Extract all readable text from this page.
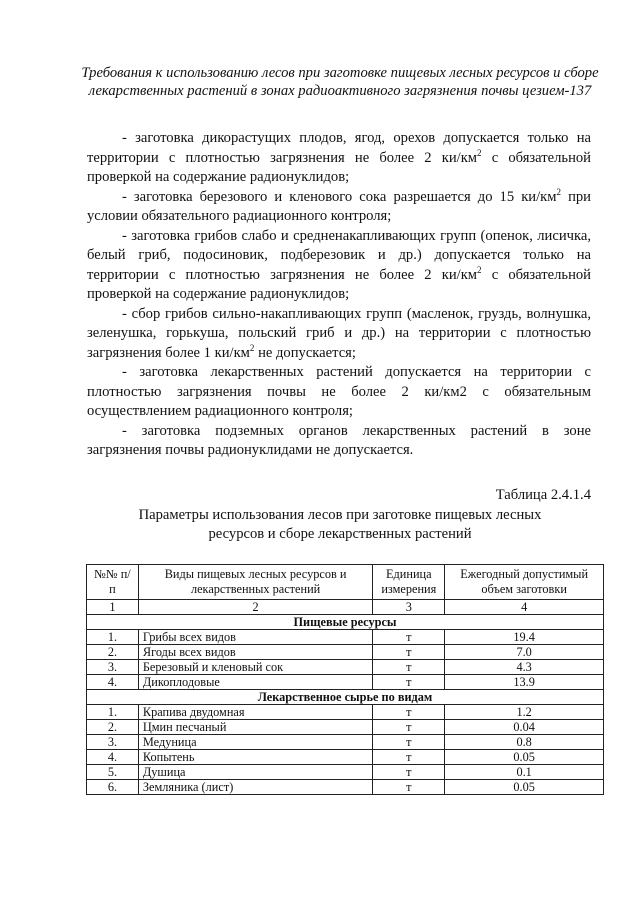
Требования к использованию лесов при заготовке пищевых лесных ресурсов и сборе лекарственных растений в зонах радиоактивного загрязнения почвы цезием-137

- заготовка дикорастущих плодов, ягод, орехов допускается только на территории с плотностью загрязнения не более 2 $ки/км^2$ с обязательной проверкой на содержание радионуклидов;

- заготовка березового и кленового сока разрешается до 15 $ки/км^2$ при условии обязательного радиационного контроля;

- заготовка грибов слабо и средненакапливающих групп (опенок, лисичка, белый гриб, подосиновик, подберезовик и др.) допускается только на территории с плотностью загрязнения не более 2 $ки/км^2$ с обязательной проверкой на содержание радионуклидов;

- сбор грибов сильно-накапливающих групп (масленок, груздь, волнушка, зеленушка, горькуша, польский гриб и др.) на территории с плотностью загрязнения более 1 $ки/км^2$ не допускается;

- заготовка лекарственных растений допускается на территории с плотностью загрязнения почвы не более 2 ки/км2 с обязательным осуществлением радиационного контроля;

- заготовка подземных органов лекарственных растений в зоне загрязнения почвы радионуклидами не допускается.

Таблица 2.4.1.4
Параметры использования лесов при заготовке пищевых лесных ресурсов и сборе лекарственных растений
№№ п/п	Виды пищевых лесных ресурсов и лекарственных растений	Единица измерения	Ежегодный допустимый объем заготовки
1	2	3	4
Пищевые ресурсы			
1.	Грибы всех видов	т	19.4
2.	Ягоды всех видов	т	7.0
3.	Березовый и кленовый сок	т	4.3
4.	Дикоплодовые	т	13.9
Лекарственное сырье по видам			
1.	Крапива двудомная	т	1.2
2.	Цмин песчаный	т	0.04
3.	Медуница	т	0.8
4.	Копытень	т	0.05
5.	Душица	т	0.1
6.	Земляника (лист)	т	0.05
